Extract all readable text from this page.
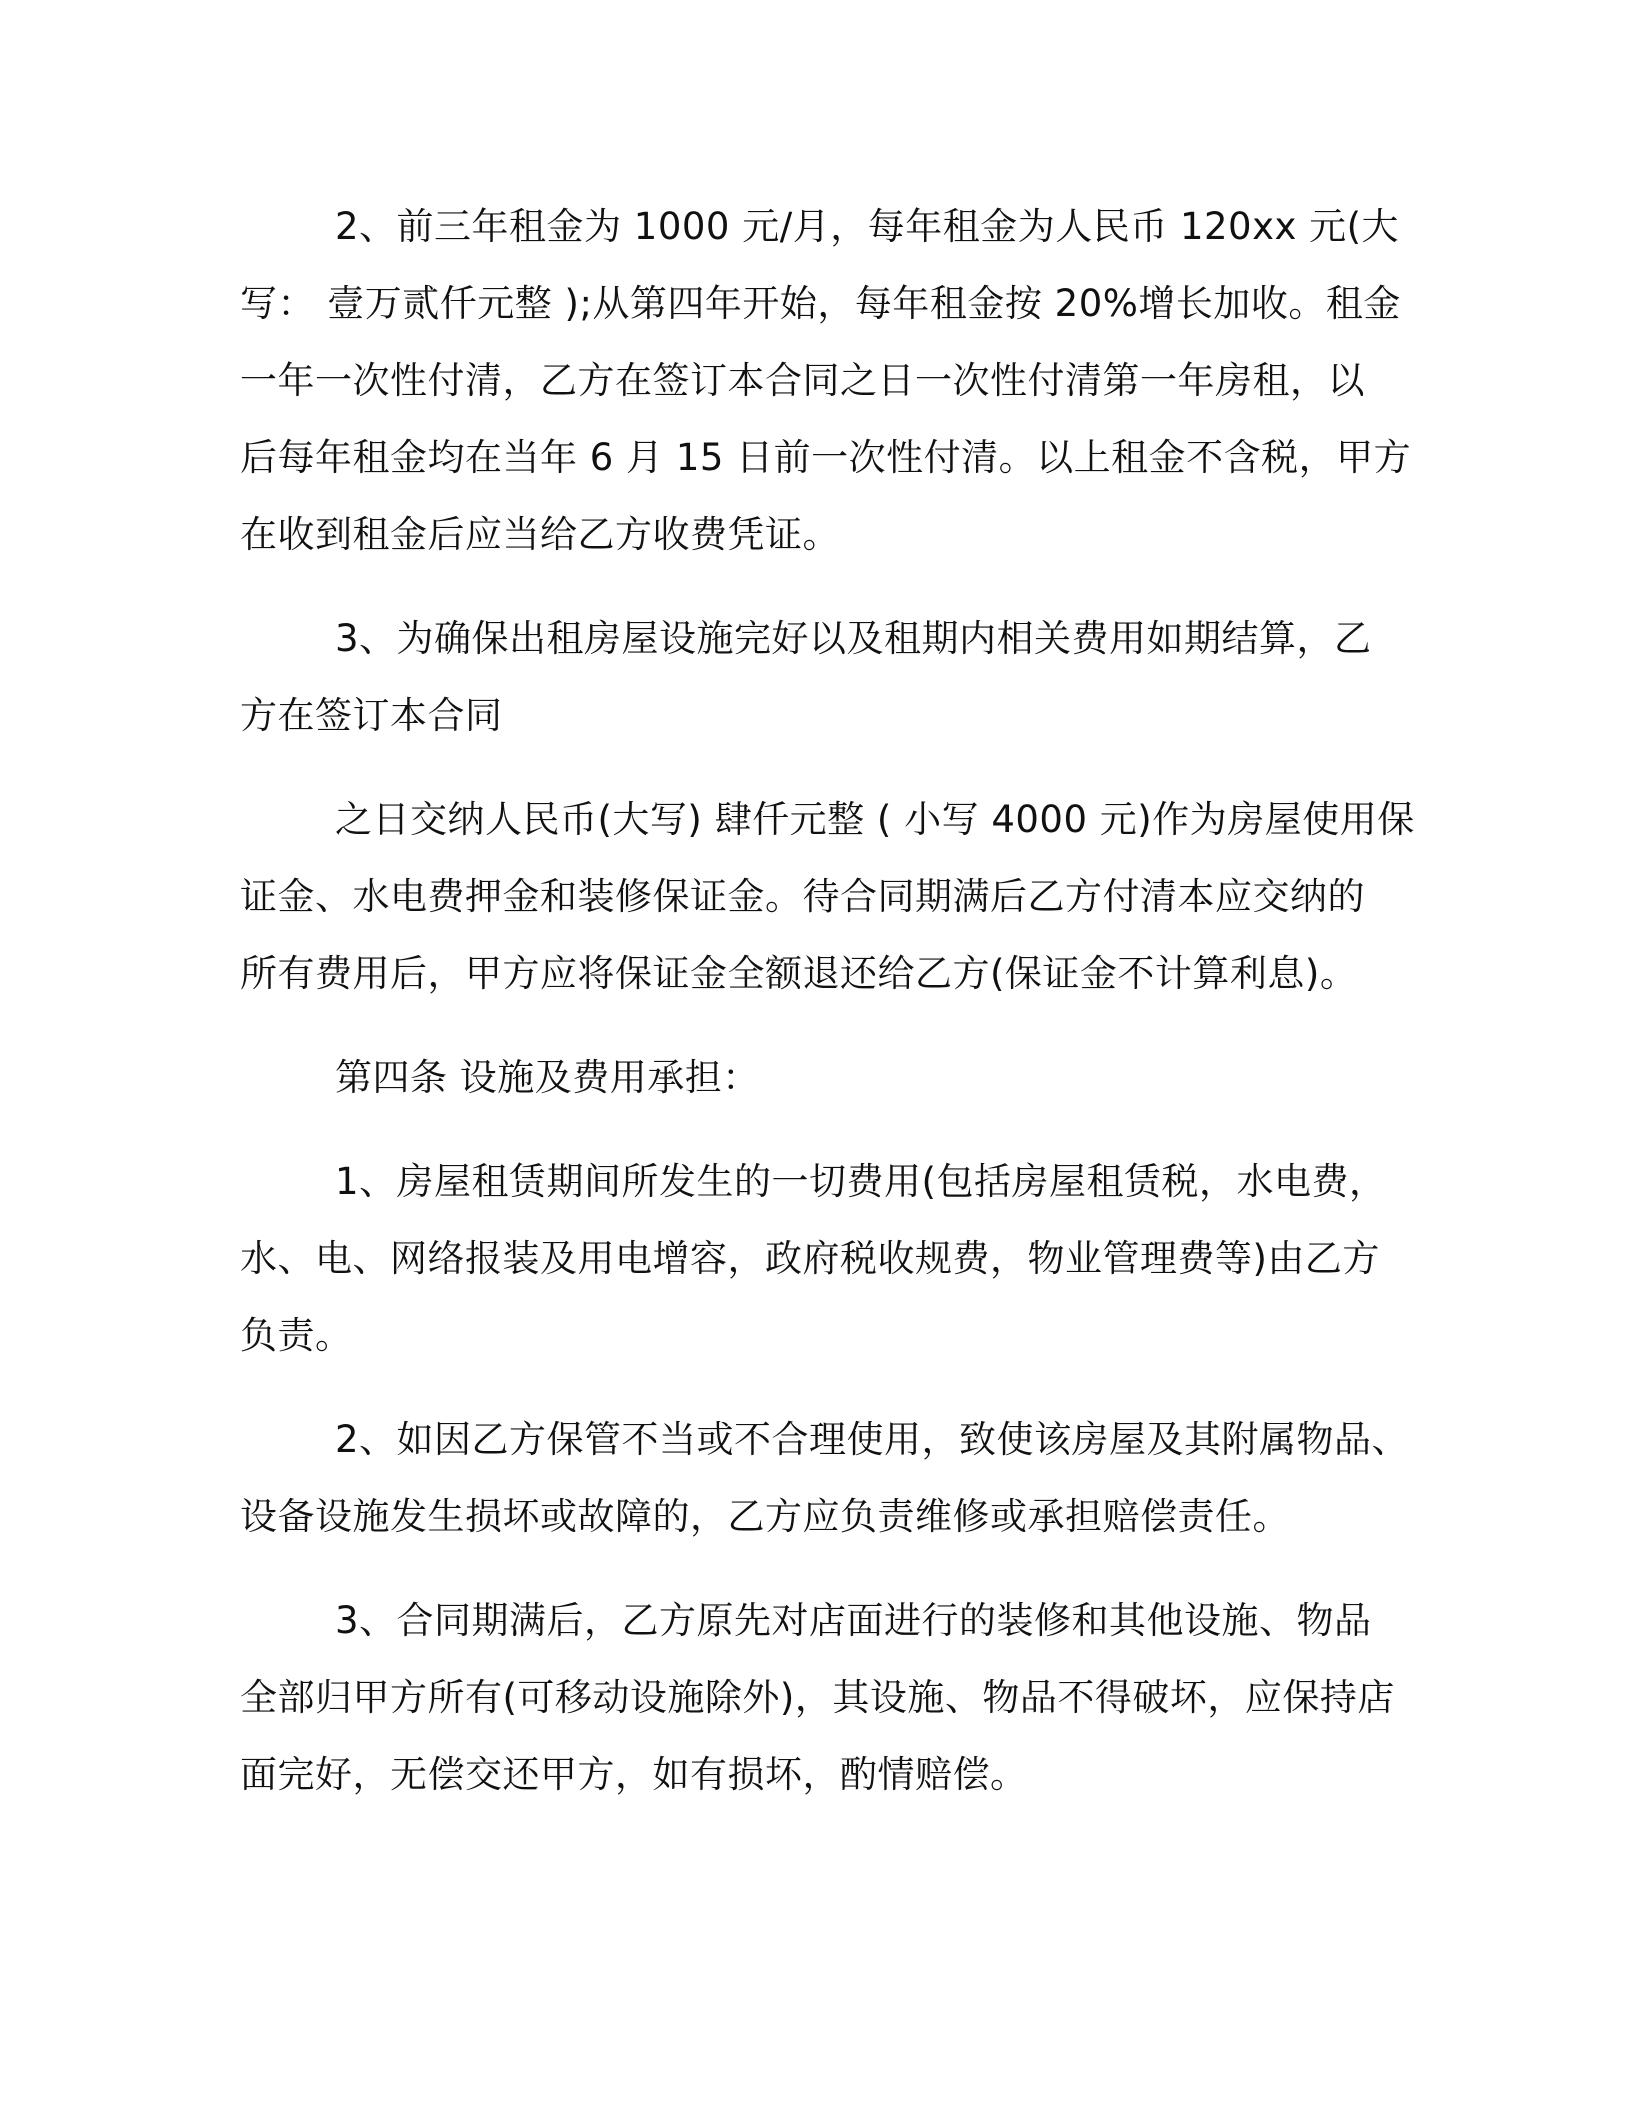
2、前三年租金为 1000 元/月，每年租金为人民币 120xx 元(大
写： 壹万贰仟元整 );从第四年开始，每年租金按 20%增长加收。租金
一年一次性付清，乙方在签订本合同之日一次性付清第一年房租，以
后每年租金均在当年 6 月 15 日前一次性付清。以上租金不含税，甲方
在收到租金后应当给乙方收费凭证。
3、为确保出租房屋设施完好以及租期内相关费用如期结算，乙
方在签订本合同
之日交纳人民币(大写) 肆仟元整 ( 小写 4000 元)作为房屋使用保
证金、水电费押金和装修保证金。待合同期满后乙方付清本应交纳的
所有费用后，甲方应将保证金全额退还给乙方(保证金不计算利息)。
第四条 设施及费用承担：
1、房屋租赁期间所发生的一切费用(包括房屋租赁税，水电费，
水、电、网络报装及用电增容，政府税收规费，物业管理费等)由乙方
负责。
2、如因乙方保管不当或不合理使用，致使该房屋及其附属物品、
设备设施发生损坏或故障的，乙方应负责维修或承担赔偿责任。
3、合同期满后，乙方原先对店面进行的装修和其他设施、物品
全部归甲方所有(可移动设施除外)，其设施、物品不得破坏，应保持店
面完好，无偿交还甲方，如有损坏，酌情赔偿。
